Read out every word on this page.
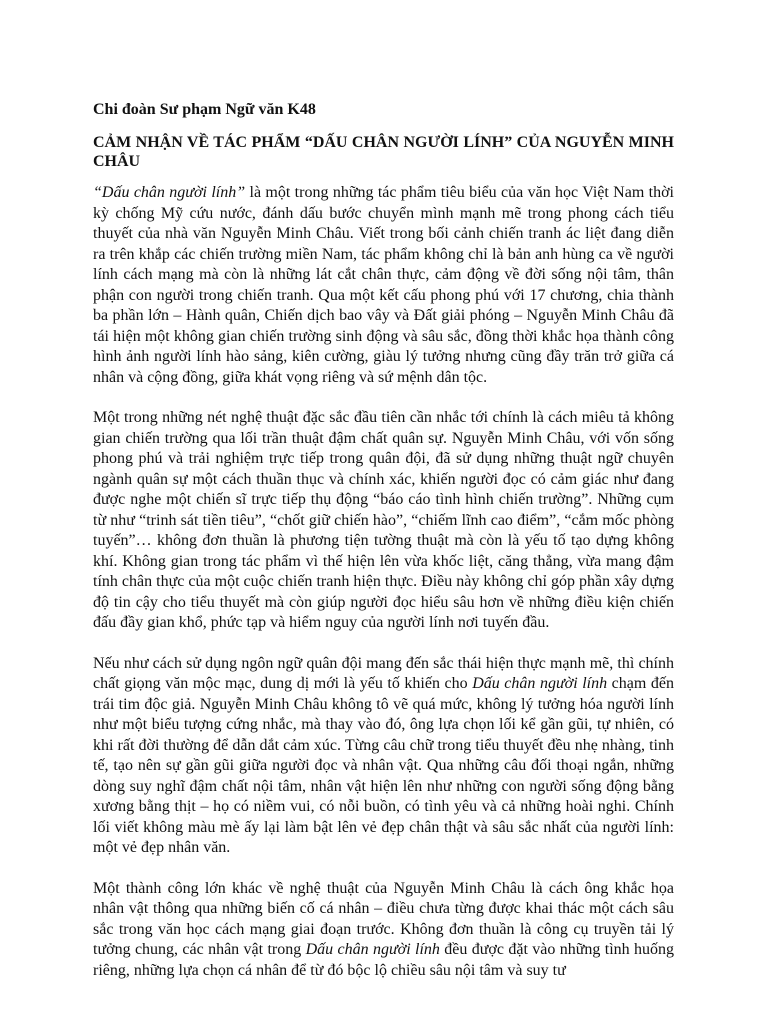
Chi đoàn Sư phạm Ngữ văn K48

CẢM NHẬN VỀ TÁC PHẨM “DẤU CHÂN NGƯỜI LÍNH” CỦA NGUYỄN MINH CHÂU

“Dấu chân người lính” là một trong những tác phẩm tiêu biểu của văn học Việt Nam thời kỳ chống Mỹ cứu nước, đánh dấu bước chuyển mình mạnh mẽ trong phong cách tiểu thuyết của nhà văn Nguyễn Minh Châu. Viết trong bối cảnh chiến tranh ác liệt đang diễn ra trên khắp các chiến trường miền Nam, tác phẩm không chỉ là bản anh hùng ca về người lính cách mạng mà còn là những lát cắt chân thực, cảm động về đời sống nội tâm, thân phận con người trong chiến tranh. Qua một kết cấu phong phú với 17 chương, chia thành ba phần lớn – Hành quân, Chiến dịch bao vây và Đất giải phóng – Nguyễn Minh Châu đã tái hiện một không gian chiến trường sinh động và sâu sắc, đồng thời khắc họa thành công hình ảnh người lính hào sảng, kiên cường, giàu lý tưởng nhưng cũng đầy trăn trở giữa cá nhân và cộng đồng, giữa khát vọng riêng và sứ mệnh dân tộc.

Một trong những nét nghệ thuật đặc sắc đầu tiên cần nhắc tới chính là cách miêu tả không gian chiến trường qua lối trần thuật đậm chất quân sự. Nguyễn Minh Châu, với vốn sống phong phú và trải nghiệm trực tiếp trong quân đội, đã sử dụng những thuật ngữ chuyên ngành quân sự một cách thuần thục và chính xác, khiến người đọc có cảm giác như đang được nghe một chiến sĩ trực tiếp thụ động “báo cáo tình hình chiến trường”. Những cụm từ như “trinh sát tiền tiêu”, “chốt giữ chiến hào”, “chiếm lĩnh cao điểm”, “cắm mốc phòng tuyến”… không đơn thuần là phương tiện tường thuật mà còn là yếu tố tạo dựng không khí. Không gian trong tác phẩm vì thế hiện lên vừa khốc liệt, căng thẳng, vừa mang đậm tính chân thực của một cuộc chiến tranh hiện thực. Điều này không chỉ góp phần xây dựng độ tin cậy cho tiểu thuyết mà còn giúp người đọc hiểu sâu hơn về những điều kiện chiến đấu đầy gian khổ, phức tạp và hiểm nguy của người lính nơi tuyến đầu.

Nếu như cách sử dụng ngôn ngữ quân đội mang đến sắc thái hiện thực mạnh mẽ, thì chính chất giọng văn mộc mạc, dung dị mới là yếu tố khiến cho Dấu chân người lính chạm đến trái tim độc giả. Nguyễn Minh Châu không tô vẽ quá mức, không lý tưởng hóa người lính như một biểu tượng cứng nhắc, mà thay vào đó, ông lựa chọn lối kể gần gũi, tự nhiên, có khi rất đời thường để dẫn dắt cảm xúc. Từng câu chữ trong tiểu thuyết đều nhẹ nhàng, tinh tế, tạo nên sự gần gũi giữa người đọc và nhân vật. Qua những câu đối thoại ngắn, những dòng suy nghĩ đậm chất nội tâm, nhân vật hiện lên như những con người sống động bằng xương bằng thịt – họ có niềm vui, có nỗi buồn, có tình yêu và cả những hoài nghi. Chính lối viết không màu mè ấy lại làm bật lên vẻ đẹp chân thật và sâu sắc nhất của người lính: một vẻ đẹp nhân văn.

Một thành công lớn khác về nghệ thuật của Nguyễn Minh Châu là cách ông khắc họa nhân vật thông qua những biến cố cá nhân – điều chưa từng được khai thác một cách sâu sắc trong văn học cách mạng giai đoạn trước. Không đơn thuần là công cụ truyền tải lý tưởng chung, các nhân vật trong Dấu chân người lính đều được đặt vào những tình huống riêng, những lựa chọn cá nhân để từ đó bộc lộ chiều sâu nội tâm và suy tư
